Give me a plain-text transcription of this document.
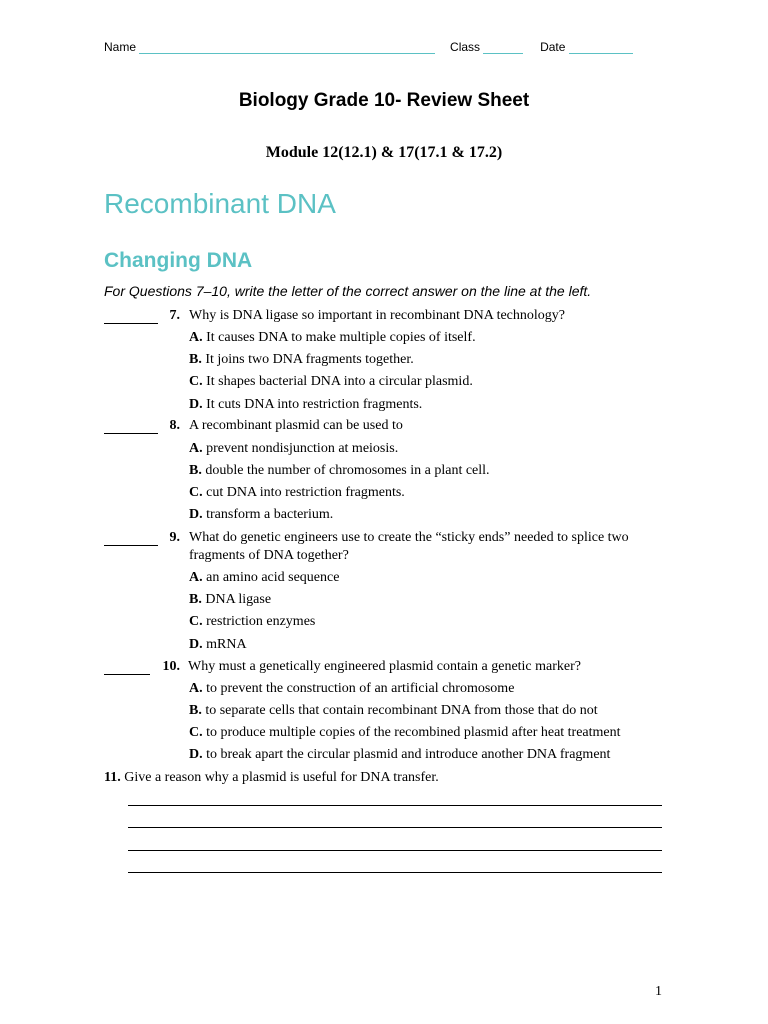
Name	Class	Date
Biology Grade 10- Review Sheet
Module 12(12.1) & 17(17.1 & 17.2)
Recombinant DNA
Changing DNA
For Questions 7–10, write the letter of the correct answer on the line at the left.
7. Why is DNA ligase so important in recombinant DNA technology?
A. It causes DNA to make multiple copies of itself.
B. It joins two DNA fragments together.
C. It shapes bacterial DNA into a circular plasmid.
D. It cuts DNA into restriction fragments.
8. A recombinant plasmid can be used to
A. prevent nondisjunction at meiosis.
B. double the number of chromosomes in a plant cell.
C. cut DNA into restriction fragments.
D. transform a bacterium.
9. What do genetic engineers use to create the “sticky ends” needed to splice two
fragments of DNA together?
A. an amino acid sequence
B. DNA ligase
C. restriction enzymes
D. mRNA
10. Why must a genetically engineered plasmid contain a genetic marker?
A. to prevent the construction of an artificial chromosome
B. to separate cells that contain recombinant DNA from those that do not
C. to produce multiple copies of the recombined plasmid after heat treatment
D. to break apart the circular plasmid and introduce another DNA fragment
11. Give a reason why a plasmid is useful for DNA transfer.
1
